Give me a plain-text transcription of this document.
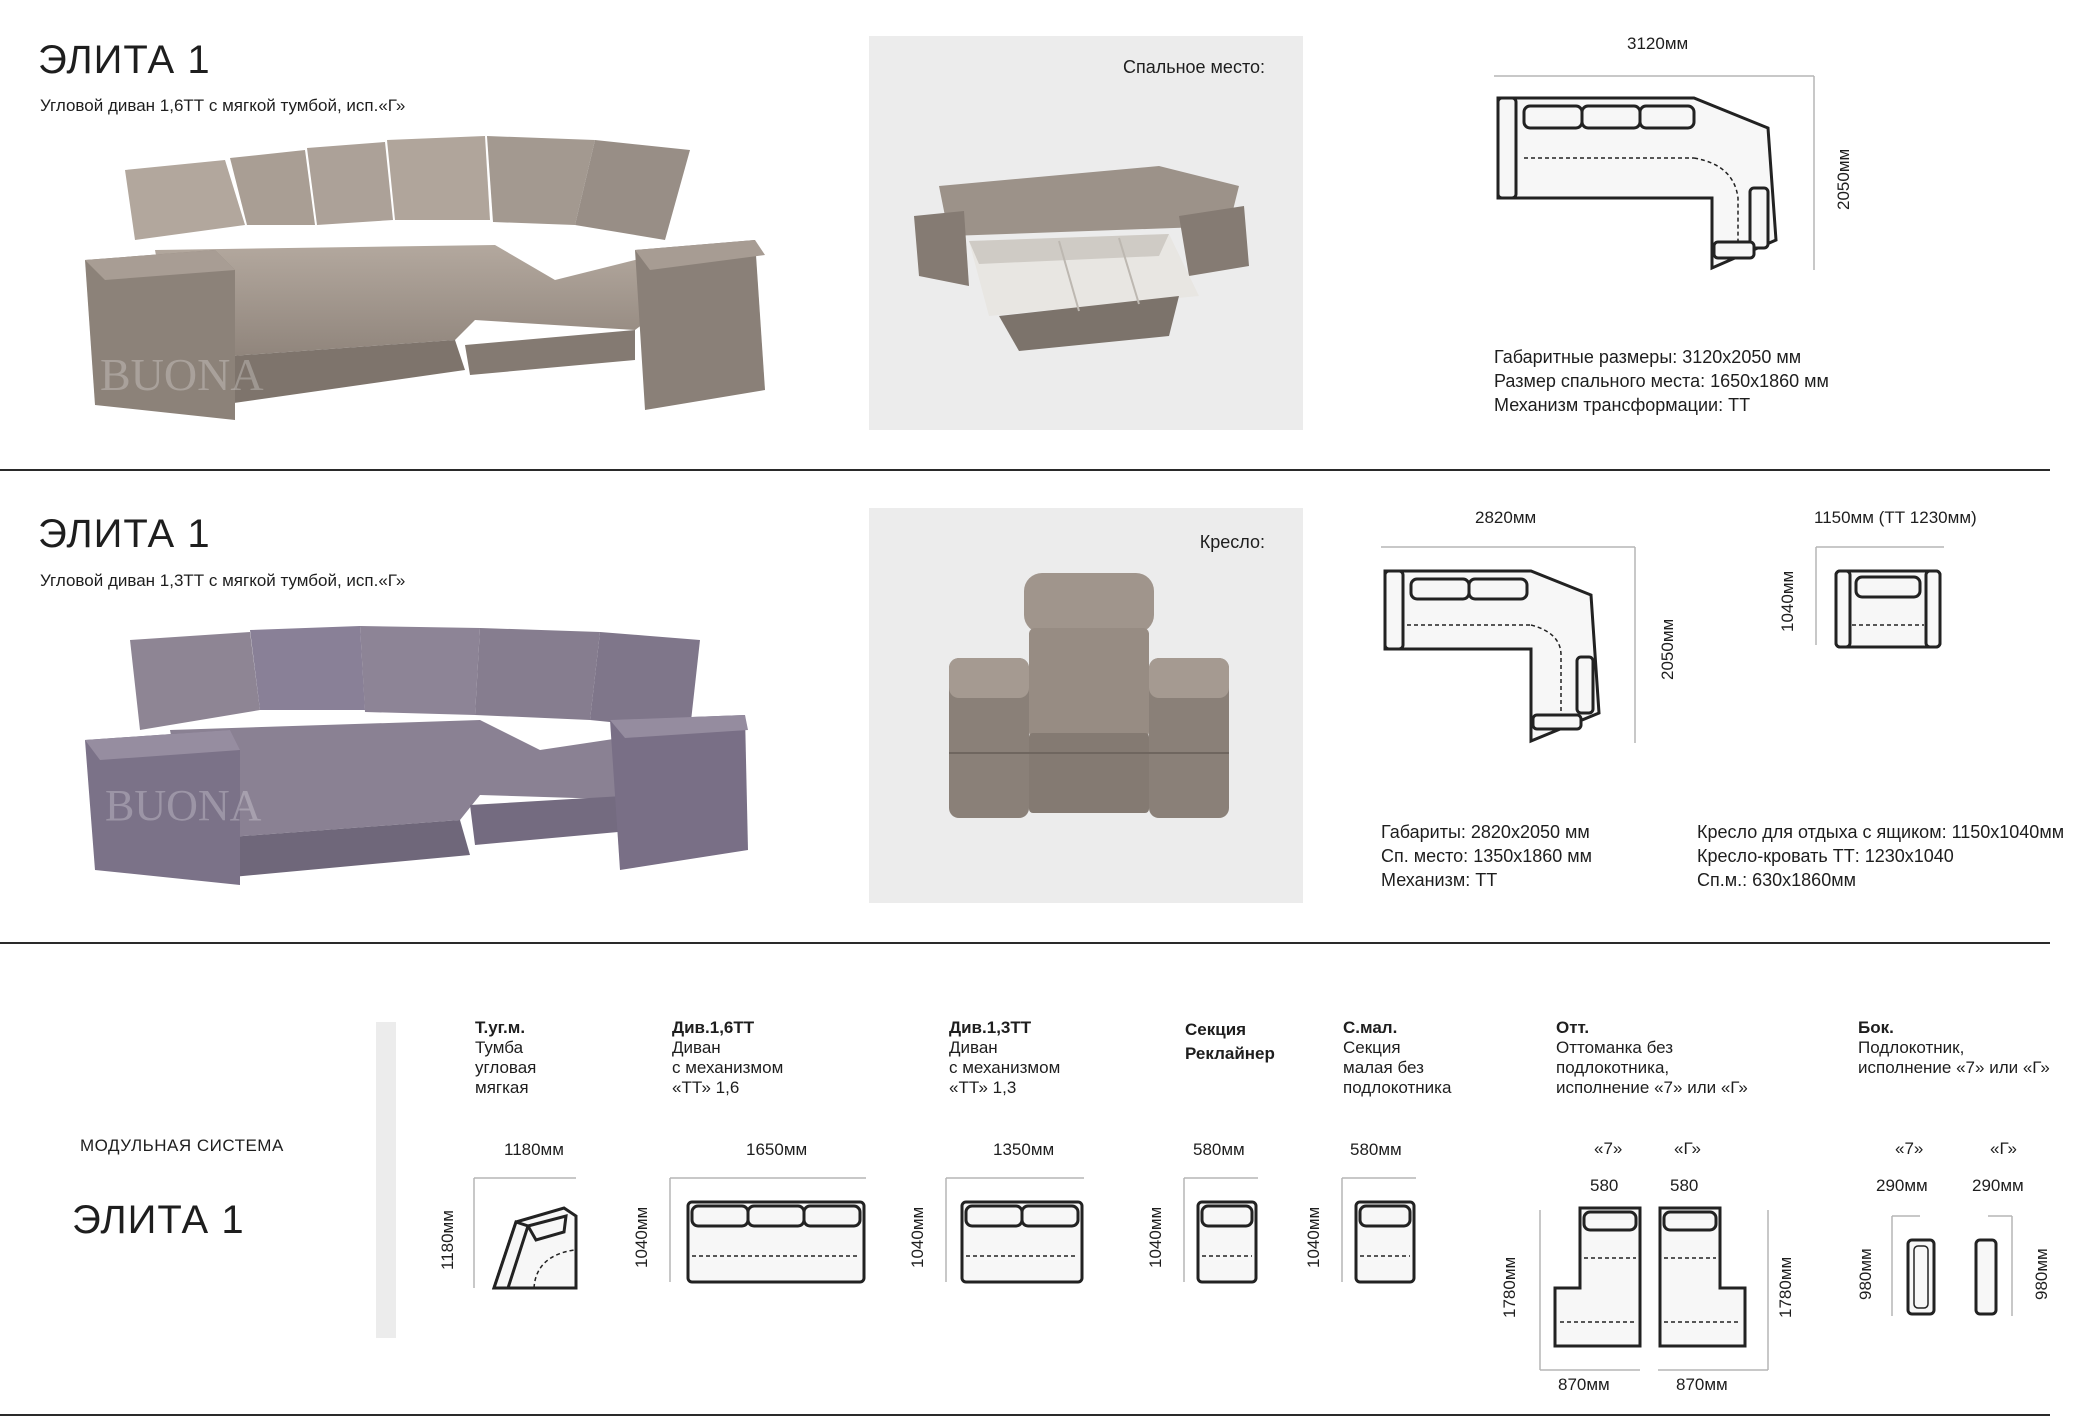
ЭЛИТА 1
Угловой диван 1,6ТТ с мягкой тумбой, исп.«Г»
BUONA
Спальное место:
3120мм
2050мм
Габаритные размеры: 3120х2050 мм
Размер спального места: 1650х1860 мм
Механизм трансформации: ТТ
ЭЛИТА 1
Угловой диван 1,3ТТ с мягкой тумбой, исп.«Г»
BUONA
Кресло:
2820мм
2050мм
1150мм (ТТ 1230мм)
1040мм
Габариты: 2820х2050 мм
Сп. место: 1350х1860 мм
Механизм: ТТ
Кресло для отдыха с ящиком: 1150х1040мм
Кресло-кровать ТТ: 1230х1040
Сп.м.: 630х1860мм
МОДУЛЬНАЯ СИСТЕМА
ЭЛИТА 1
Т.уг.м.
Тумба
угловая
мягкая
Див.1,6ТТ
Диван
с механизмом
«ТТ» 1,6
Див.1,3ТТ
Диван
с механизмом
«ТТ» 1,3
Секция
Реклайнер
С.мал.
Секция
малая без
подлокотника
Отт.
Оттоманка без
подлокотника,
исполнение «7» или «Г»
Бок.
Подлокотник,
исполнение «7» или «Г»
1180мм	1650мм	1350мм	580мм	580мм
1180мм	1040мм	1040мм	1040мм	1040мм
«7»	«Г»
580	580
1780мм	1780мм
870мм	870мм
«7»	«Г»
290мм	290мм
980мм	980мм
